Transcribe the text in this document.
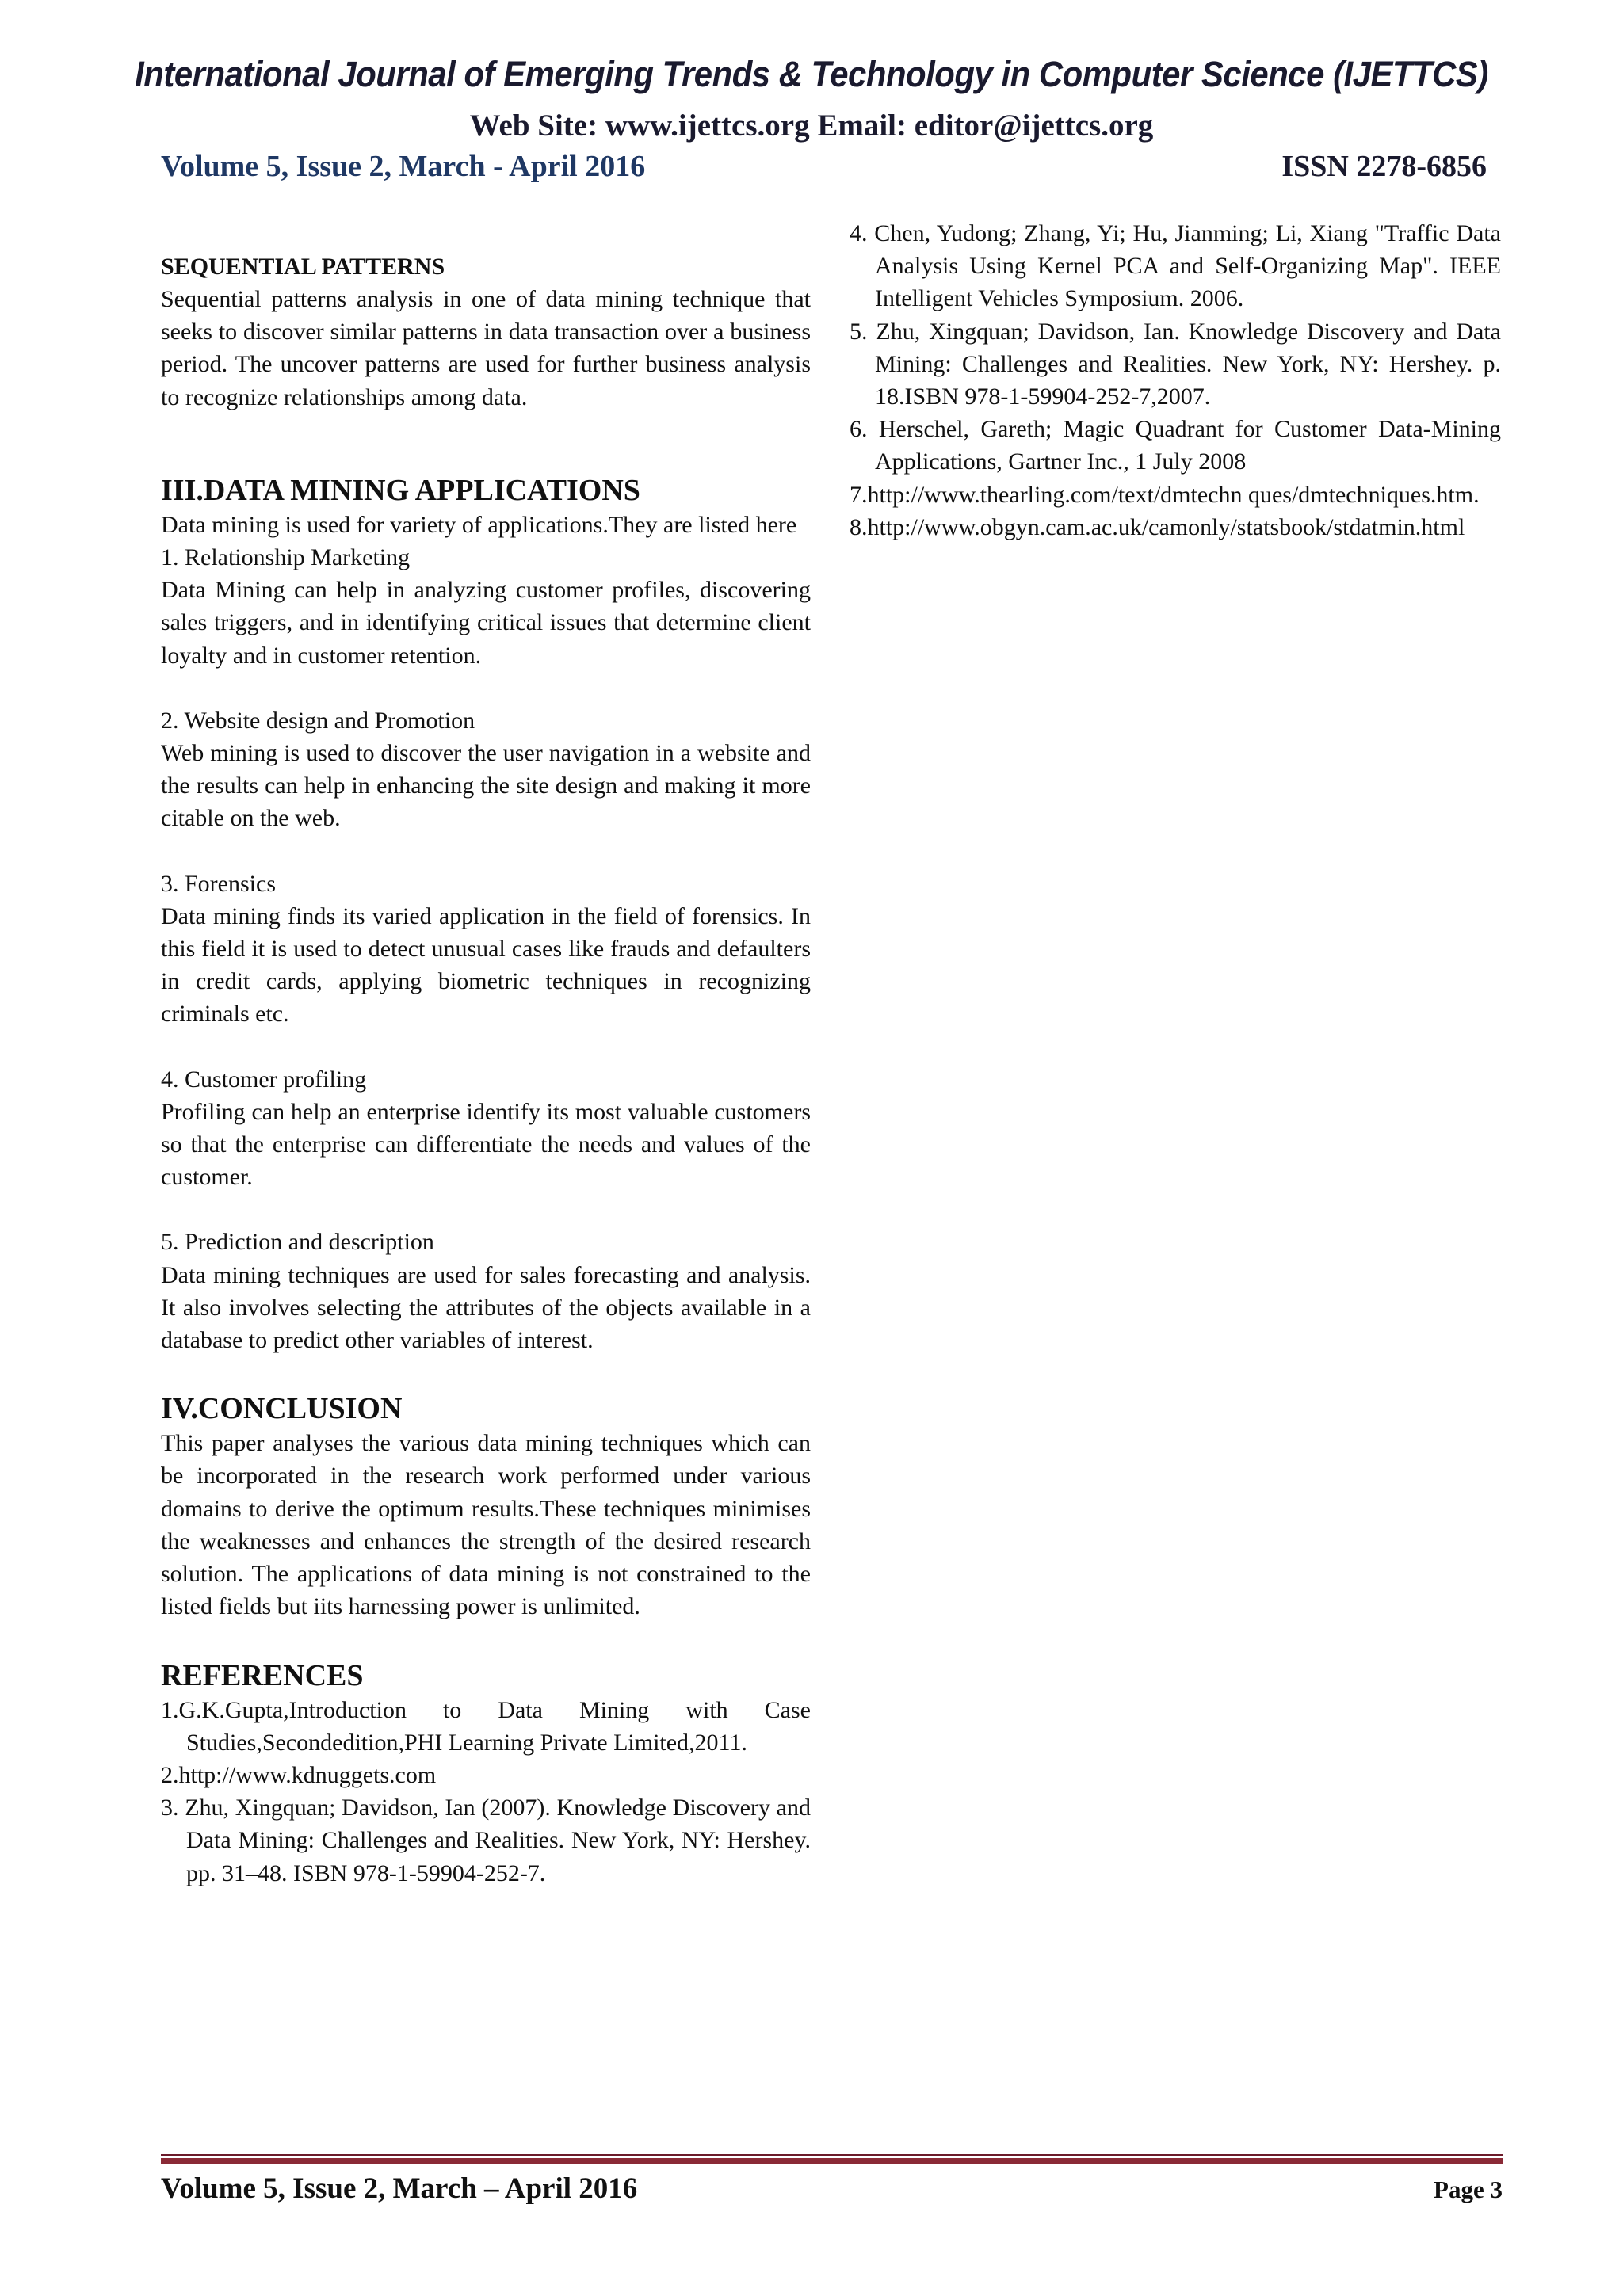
International Journal of Emerging Trends & Technology in Computer Science (IJETTCS)
Web Site: www.ijettcs.org Email: editor@ijettcs.org
Volume 5, Issue 2, March - April 2016	ISSN 2278-6856
SEQUENTIAL PATTERNS

Sequential patterns analysis in one of data mining technique that seeks to discover similar patterns in data transaction over a business period. The uncover patterns are used for further business analysis to recognize relationships among data.

III.DATA MINING APPLICATIONS

Data mining is used for variety of applications.They are listed here

1. Relationship Marketing

Data Mining can help in analyzing customer profiles, discovering sales triggers, and in identifying critical issues that determine client loyalty and in customer retention.

2. Website design and Promotion

Web mining is used to discover the user navigation in a website and the results can help in enhancing the site design and making it more citable on the web.

3. Forensics

Data mining finds its varied application in the field of forensics. In this field it is used to detect unusual cases like frauds and defaulters in credit cards, applying biometric techniques in recognizing criminals etc.

4. Customer profiling

Profiling can help an enterprise identify its most valuable customers so that the enterprise can differentiate the needs and values of the customer.

5. Prediction and description

Data mining techniques are used for sales forecasting and analysis. It also involves selecting the attributes of the objects available in a database to predict other variables of interest.

IV.CONCLUSION

This paper analyses the various data mining techniques which can be incorporated in the research work performed under various domains to derive the optimum results.These techniques minimises the weaknesses and enhances the strength of the desired research solution. The applications of data mining is not constrained to the listed fields but iits harnessing power is unlimited.

REFERENCES
1.G.K.Gupta,Introduction to Data Mining with Case Studies,Secondedition,PHI Learning Private Limited,2011.
2.http://www.kdnuggets.com
3. Zhu, Xingquan; Davidson, Ian (2007). Knowledge Discovery and Data Mining: Challenges and Realities. New York, NY: Hershey. pp. 31–48. ISBN 978-1-59904-252-7.
4. Chen, Yudong; Zhang, Yi; Hu, Jianming; Li, Xiang "Traffic Data Analysis Using Kernel PCA and Self-Organizing Map". IEEE Intelligent Vehicles Symposium. 2006.
5. Zhu, Xingquan; Davidson, Ian. Knowledge Discovery and Data Mining: Challenges and Realities. New York, NY: Hershey. p. 18.ISBN 978-1-59904-252-7,2007.
6. Herschel, Gareth; Magic Quadrant for Customer Data-Mining Applications, Gartner Inc., 1 July 2008
7.http://www.thearling.com/text/dmtechn ques/dmtechniques.htm.
8.http://www.obgyn.cam.ac.uk/camonly/statsbook/stdatmin.html
Volume 5, Issue 2, March – April 2016	Page 3
